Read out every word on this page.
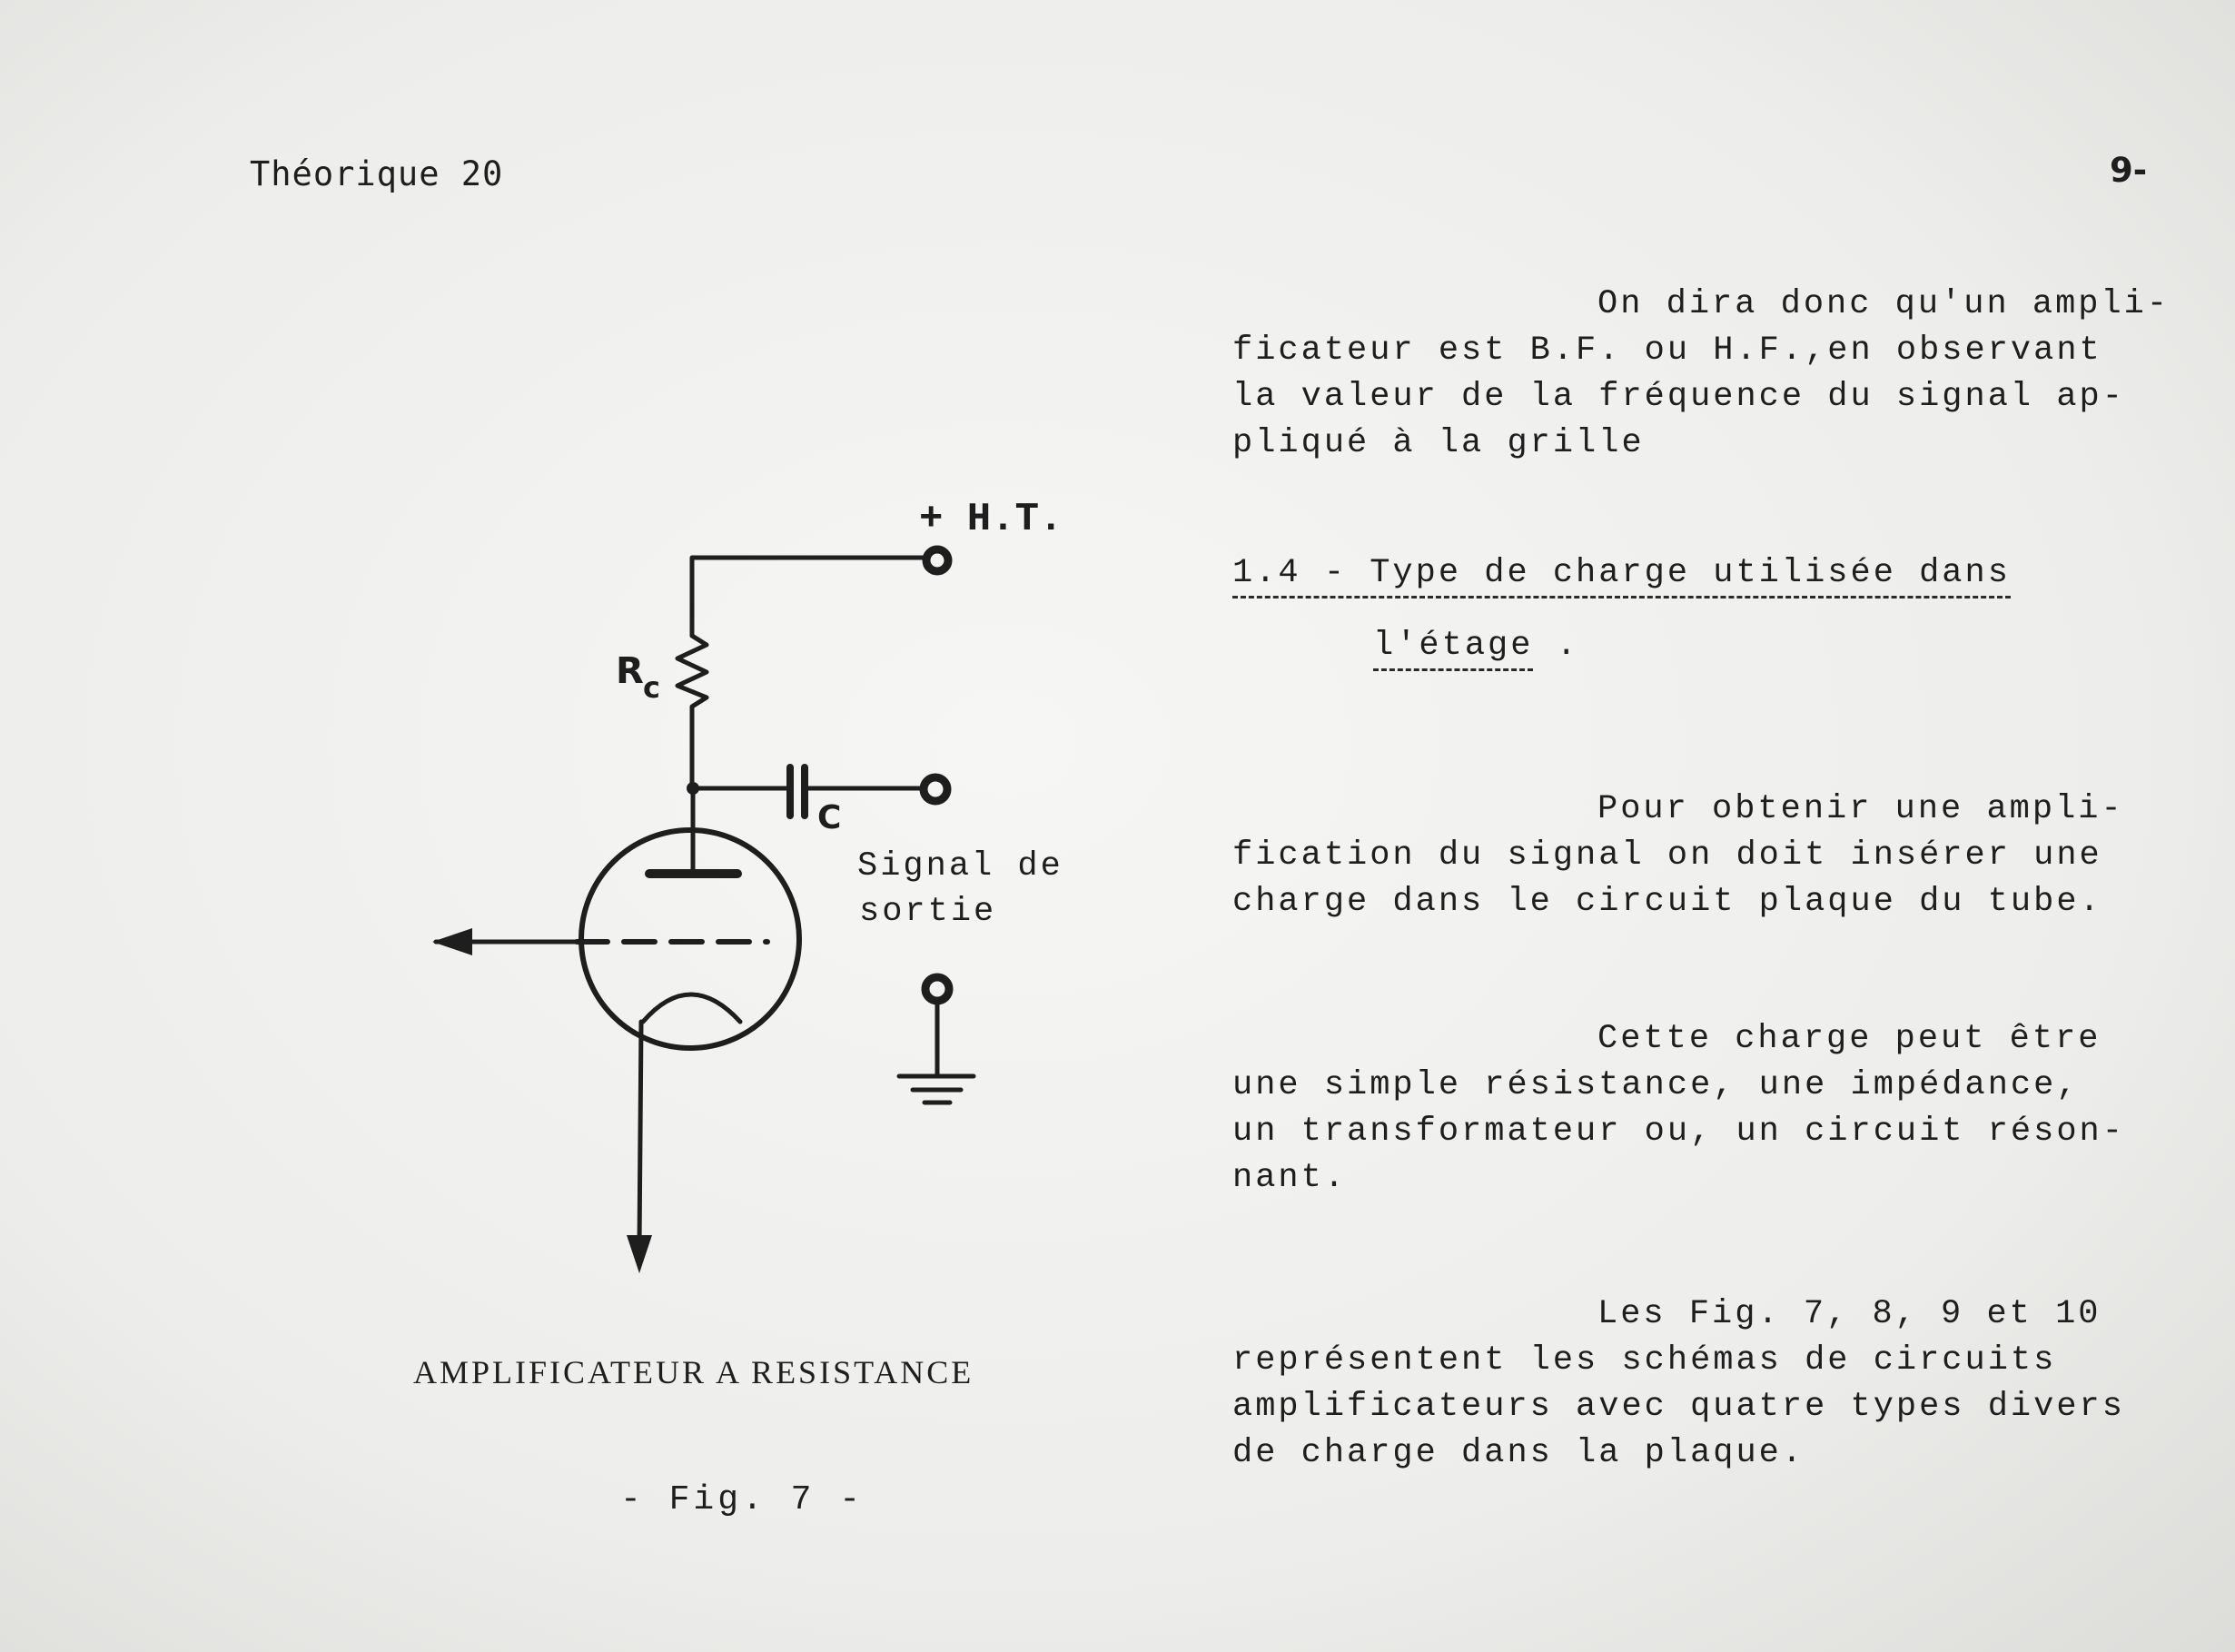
Théorique 20	9-
+ H.T.
R c
C
Signal de
sortie
AMPLIFICATEUR A RESISTANCE
- Fig. 7 -
On dira donc qu'un ampli-
ficateur est B.F. ou H.F.,en observant
la valeur de la fréquence du signal ap-
pliqué à la grille
1.4 - Type de charge utilisée dans
l'étage .
Pour obtenir une ampli-
fication du signal on doit insérer une
charge dans le circuit plaque du tube.
Cette charge peut être
une simple résistance, une impédance,
un transformateur ou, un circuit réson-
nant.
Les Fig. 7, 8, 9 et 10
représentent les schémas de circuits
amplificateurs avec quatre types divers
de charge dans la plaque.
